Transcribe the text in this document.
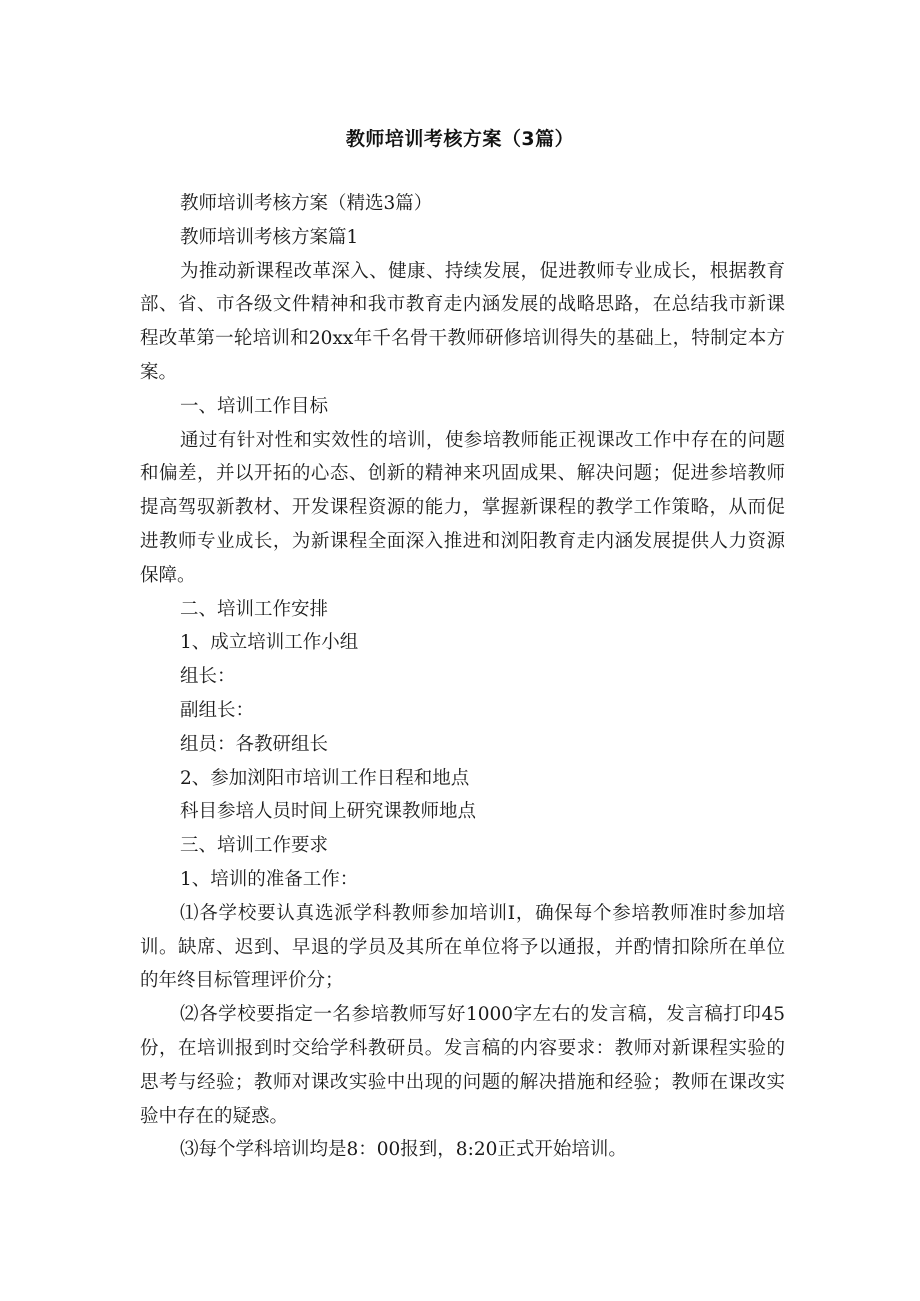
教师培训考核方案（3篇）

教师培训考核方案（精选3篇）

教师培训考核方案篇1

为推动新课程改革深入、健康、持续发展，促进教师专业成长，根据教育部、省、市各级文件精神和我市教育走内涵发展的战略思路，在总结我市新课程改革第一轮培训和20xx年千名骨干教师研修培训得失的基础上，特制定本方案。

一、培训工作目标

通过有针对性和实效性的培训，使参培教师能正视课改工作中存在的问题和偏差，并以开拓的心态、创新的精神来巩固成果、解决问题；促进参培教师提高驾驭新教材、开发课程资源的能力，掌握新课程的教学工作策略，从而促进教师专业成长，为新课程全面深入推进和浏阳教育走内涵发展提供人力资源保障。

二、培训工作安排

1、成立培训工作小组

组长：

副组长：

组员：各教研组长

2、参加浏阳市培训工作日程和地点

科目参培人员时间上研究课教师地点

三、培训工作要求

1、培训的准备工作：

⑴各学校要认真选派学科教师参加培训Ⅰ，确保每个参培教师准时参加培训。缺席、迟到、早退的学员及其所在单位将予以通报，并酌情扣除所在单位的年终目标管理评价分；

⑵各学校要指定一名参培教师写好1000字左右的发言稿，发言稿打印45份，在培训报到时交给学科教研员。发言稿的内容要求：教师对新课程实验的思考与经验；教师对课改实验中出现的问题的解决措施和经验；教师在课改实验中存在的疑惑。

⑶每个学科培训均是8：00报到，8:20正式开始培训。
